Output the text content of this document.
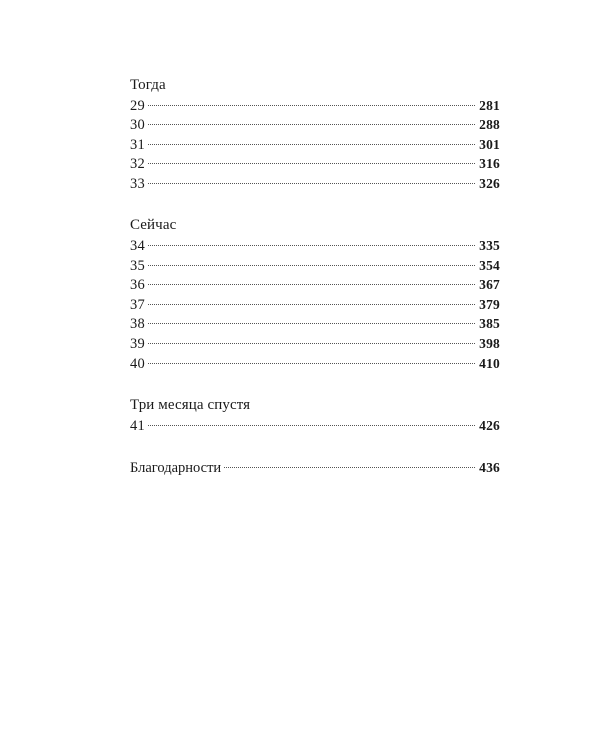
Тогда
29	281
30	288
31	301
32	316
33	326
Сейчас
34	335
35	354
36	367
37	379
38	385
39	398
40	410
Три месяца спустя
41	426
Благодарности	436
